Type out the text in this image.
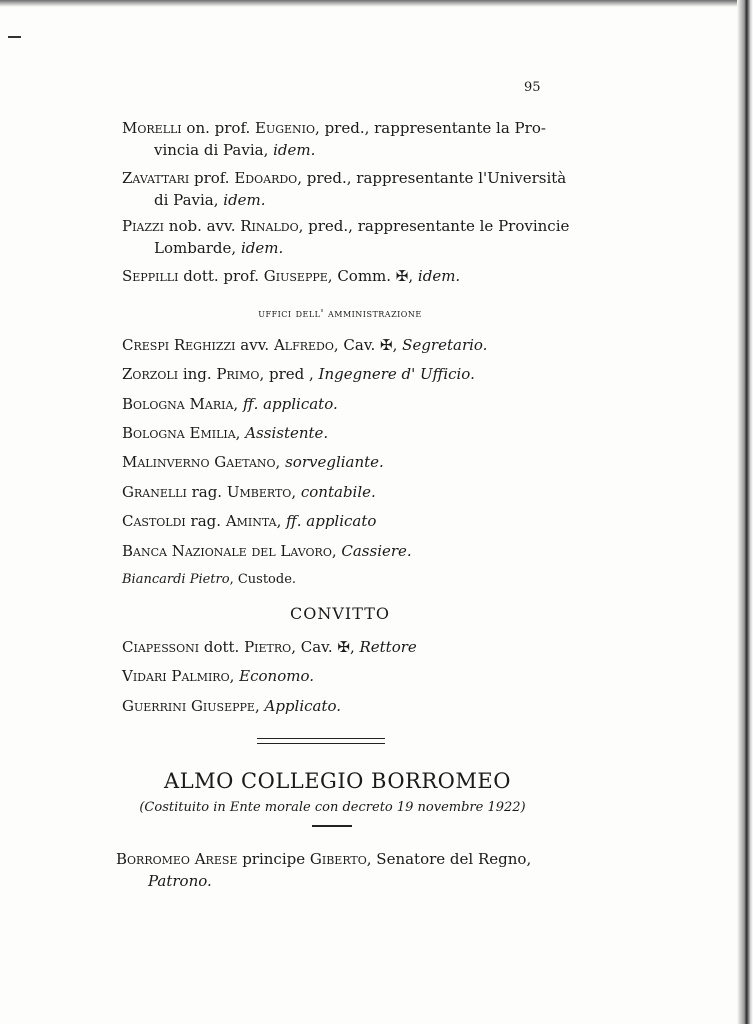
95
Morelli on. prof. Eugenio, pred., rappresentante la Pro-
vincia di Pavia, idem.
Zavattari prof. Edoardo, pred., rappresentante l'Università
di Pavia, idem.
Piazzi nob. avv. Rinaldo, pred., rappresentante le Provincie
Lombarde, idem.
Seppilli dott. prof. Giuseppe, Comm. ✠, idem.
uffici dell' amministrazione
Crespi Reghizzi avv. Alfredo, Cav. ✠, Segretario.
Zorzoli ing. Primo, pred , Ingegnere d' Ufficio.
Bologna Maria, ff. applicato.
Bologna Emilia, Assistente.
Malinverno Gaetano, sorvegliante.
Granelli rag. Umberto, contabile.
Castoldi rag. Aminta, ff. applicato
Banca Nazionale del Lavoro, Cassiere.
Biancardi Pietro, Custode.
CONVITTO
Ciapessoni dott. Pietro, Cav. ✠, Rettore
Vidari Palmiro, Economo.
Guerrini Giuseppe, Applicato.
ALMO COLLEGIO BORROMEO
(Costituito in Ente morale con decreto 19 novembre 1922)
Borromeo Arese principe Giberto, Senatore del Regno,
Patrono.
